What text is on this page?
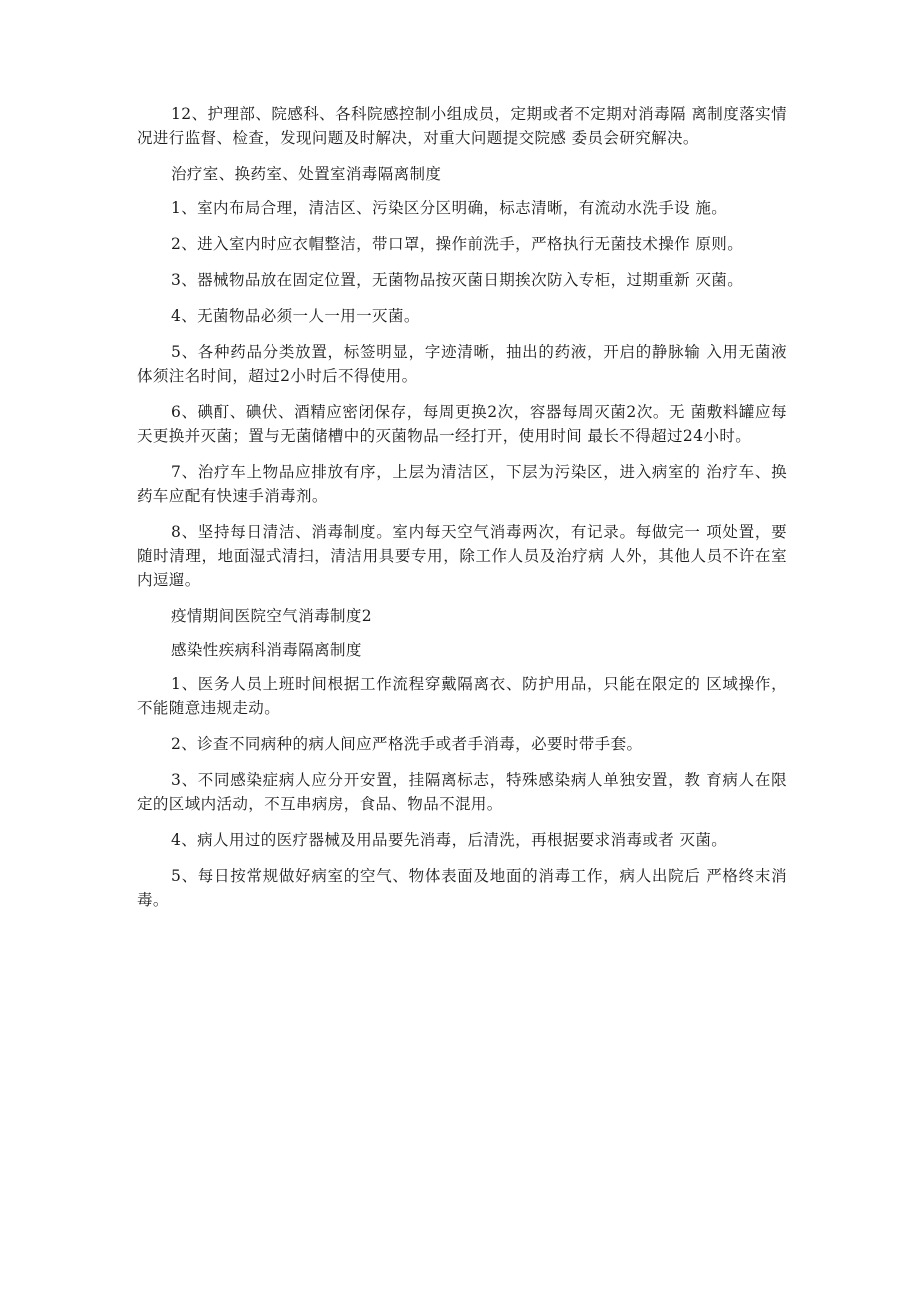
12、护理部、院感科、各科院感控制小组成员，定期或者不定期对消毒隔 离制度落实情况进行监督、检查，发现问题及时解决，对重大问题提交院感 委员会研究解决。

治疗室、换药室、处置室消毒隔离制度

1、室内布局合理，清洁区、污染区分区明确，标志清晰，有流动水洗手设 施。

2、进入室内时应衣帽整洁，带口罩，操作前洗手，严格执行无菌技术操作 原则。

3、器械物品放在固定位置，无菌物品按灭菌日期挨次防入专柜，过期重新 灭菌。

4、无菌物品必须一人一用一灭菌。

5、各种药品分类放置，标签明显，字迹清晰，抽出的药液，开启的静脉输 入用无菌液体须注名时间，超过2小时后不得使用。

6、碘酊、碘伏、酒精应密闭保存，每周更换2次，容器每周灭菌2次。无 菌敷料罐应每天更换并灭菌；置与无菌储槽中的灭菌物品一经打开，使用时间 最长不得超过24小时。

7、治疗车上物品应排放有序，上层为清洁区，下层为污染区，进入病室的 治疗车、换药车应配有快速手消毒剂。

8、坚持每日清洁、消毒制度。室内每天空气消毒两次，有记录。每做完一 项处置，要随时清理，地面湿式清扫，清洁用具要专用，除工作人员及治疗病 人外，其他人员不许在室内逗遛。

疫情期间医院空气消毒制度2

感染性疾病科消毒隔离制度

1、医务人员上班时间根据工作流程穿戴隔离衣、防护用品，只能在限定的 区域操作，不能随意违规走动。

2、诊查不同病种的病人间应严格洗手或者手消毒，必要时带手套。

3、不同感染症病人应分开安置，挂隔离标志，特殊感染病人单独安置，教 育病人在限定的区域内活动，不互串病房，食品、物品不混用。

4、病人用过的医疗器械及用品要先消毒，后清洗，再根据要求消毒或者 灭菌。

5、每日按常规做好病室的空气、物体表面及地面的消毒工作，病人出院后 严格终末消毒。
